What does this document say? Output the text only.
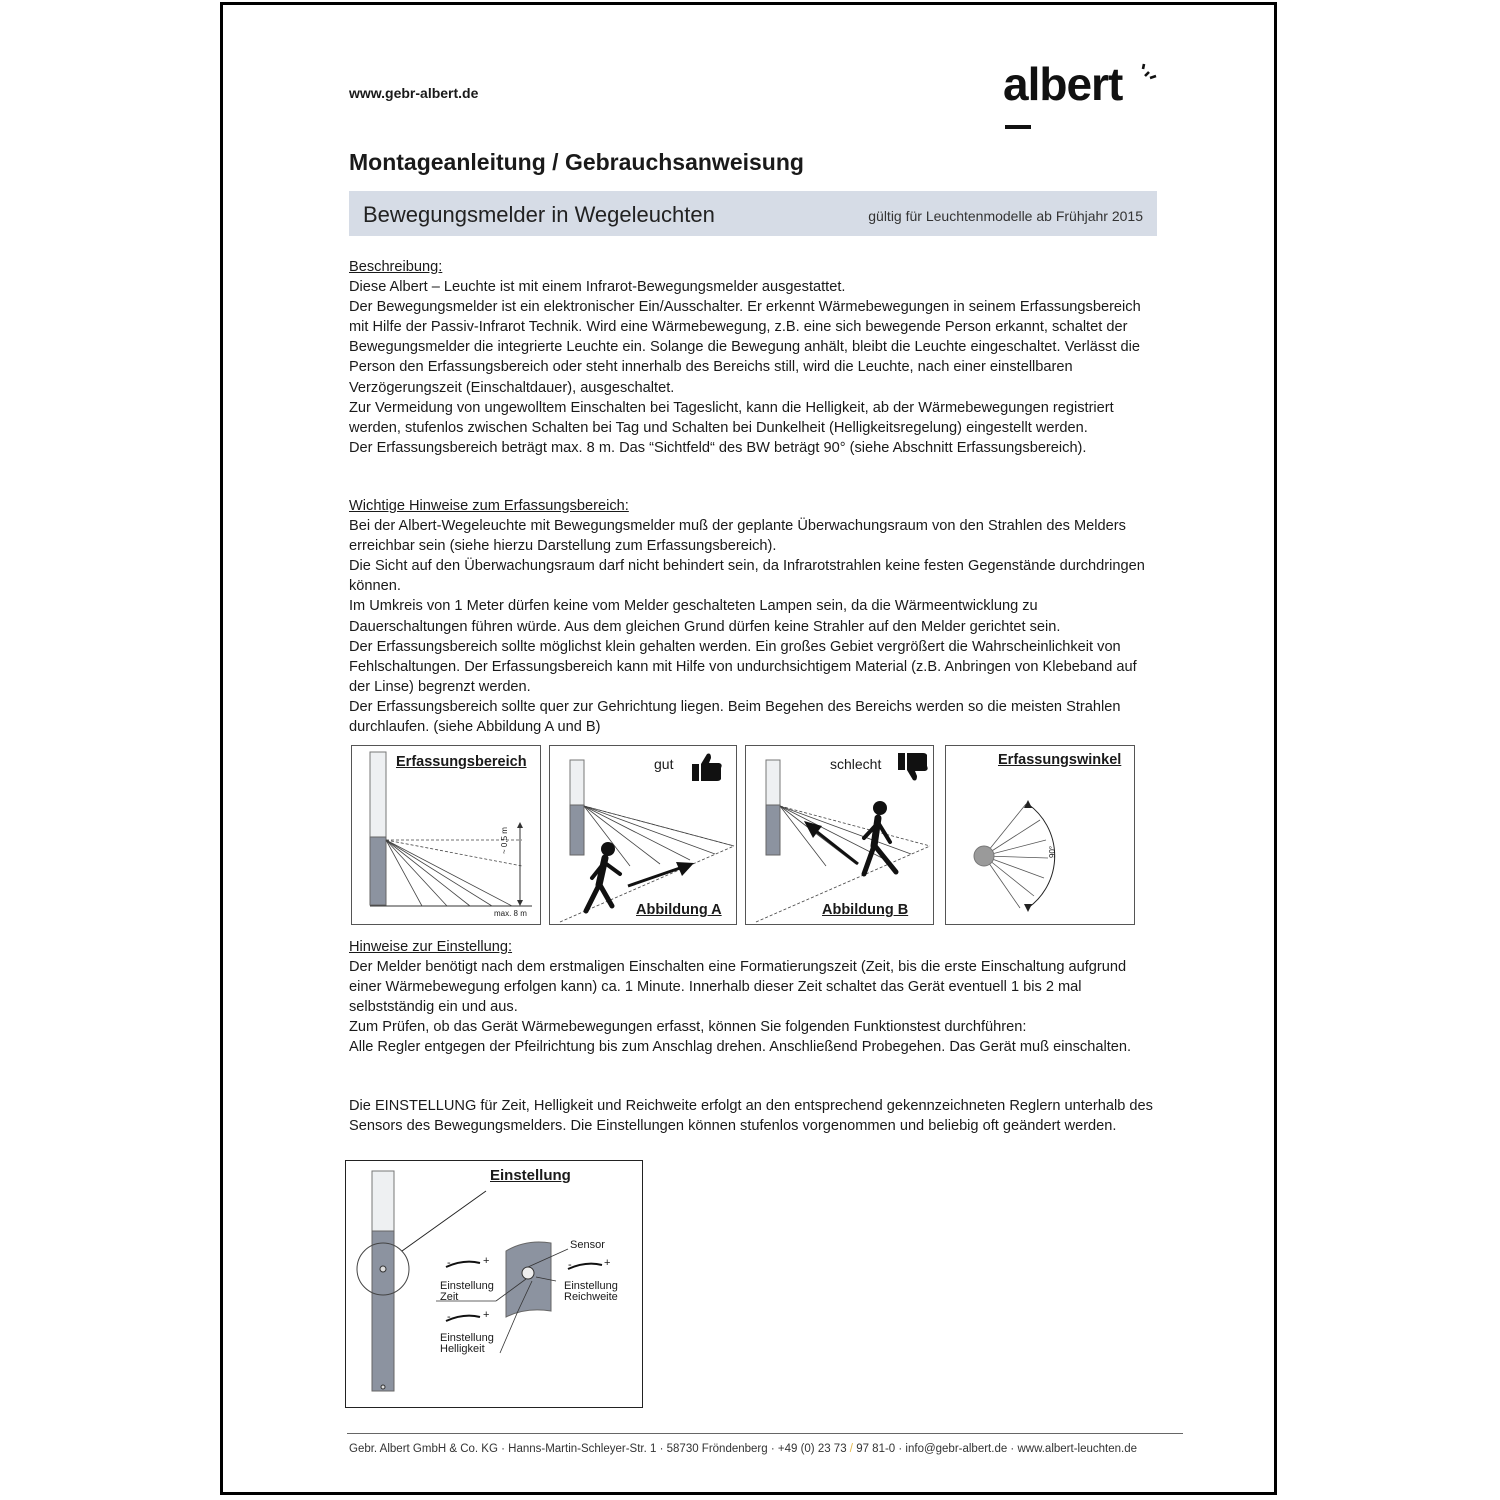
www.gebr-albert.de	albert
Montageanleitung / Gebrauchsanweisung
Bewegungsmelder in Wegeleuchten	gültig für Leuchtenmodelle ab Frühjahr 2015
Beschreibung:

Diese Albert – Leuchte ist mit einem Infrarot-Bewegungsmelder ausgestattet.

Der Bewegungsmelder ist ein elektronischer Ein/Ausschalter. Er erkennt Wärmebewegungen in seinem Erfassungsbereich mit Hilfe der Passiv-Infrarot Technik. Wird eine Wärmebewegung, z.B. eine sich bewegende Person erkannt, schaltet der Bewegungsmelder die integrierte Leuchte ein. Solange die Bewegung anhält, bleibt die Leuchte eingeschaltet. Verlässt die Person den Erfassungsbereich oder steht innerhalb des Bereichs still, wird die Leuchte, nach einer einstellbaren Verzögerungszeit (Einschaltdauer), ausgeschaltet.

Zur Vermeidung von ungewolltem Einschalten bei Tageslicht, kann die Helligkeit, ab der Wärmebewegungen registriert werden, stufenlos zwischen Schalten bei Tag und Schalten bei Dunkelheit (Helligkeitsregelung) eingestellt werden.

Der Erfassungsbereich beträgt max. 8 m. Das “Sichtfeld“ des BW beträgt 90° (siehe Abschnitt Erfassungsbereich).

Wichtige Hinweise zum Erfassungsbereich:

Bei der Albert-Wegeleuchte mit Bewegungsmelder muß der geplante Überwachungsraum von den Strahlen des Melders erreichbar sein (siehe hierzu Darstellung zum Erfassungsbereich).

Die Sicht auf den Überwachungsraum darf nicht behindert sein, da Infrarotstrahlen keine festen Gegenstände durchdringen können.

Im Umkreis von 1 Meter dürfen keine vom Melder geschalteten Lampen sein, da die Wärmeentwicklung zu Dauerschaltungen führen würde. Aus dem gleichen Grund dürfen keine Strahler auf den Melder gerichtet sein.

Der Erfassungsbereich sollte möglichst klein gehalten werden. Ein großes Gebiet vergrößert die Wahrscheinlichkeit von Fehlschaltungen. Der Erfassungsbereich kann mit Hilfe von undurchsichtigem Material (z.B. Anbringen von Klebeband auf der Linse) begrenzt werden.

Der Erfassungsbereich sollte quer zur Gehrichtung liegen. Beim Begehen des Bereichs werden so die meisten Strahlen durchlaufen. (siehe Abbildung A und B)

Erfassungsbereich
~ 0,5 m
max. 8 m
gut
Abbildung A
schlecht
Abbildung B
Erfassungswinkel
90°
Hinweise zur Einstellung:

Der Melder benötigt nach dem erstmaligen Einschalten eine Formatierungszeit (Zeit, bis die erste Einschaltung aufgrund einer Wärmebewegung erfolgen kann) ca. 1 Minute. Innerhalb dieser Zeit schaltet das Gerät eventuell 1 bis 2 mal selbstständig ein und aus.

Zum Prüfen, ob das Gerät Wärmebewegungen erfasst, können Sie folgenden Funktionstest durchführen:

Alle Regler entgegen der Pfeilrichtung bis zum Anschlag drehen. Anschließend Probegehen. Das Gerät muß einschalten.

Die EINSTELLUNG für Zeit, Helligkeit und Reichweite erfolgt an den entsprechend gekennzeichneten Reglern unterhalb des Sensors des Bewegungsmelders. Die Einstellungen können stufenlos vorgenommen und beliebig oft geändert werden.

Einstellung
Sensor
-	+
Einstellung
Zeit
-	+
Einstellung
Reichweite
-	+
Einstellung
Helligkeit
Gebr. Albert GmbH & Co. KG · Hanns-Martin-Schleyer-Str. 1 · 58730 Fröndenberg · +49 (0) 23 73 / 97 81-0 · info@gebr-albert.de · www.albert-leuchten.de
